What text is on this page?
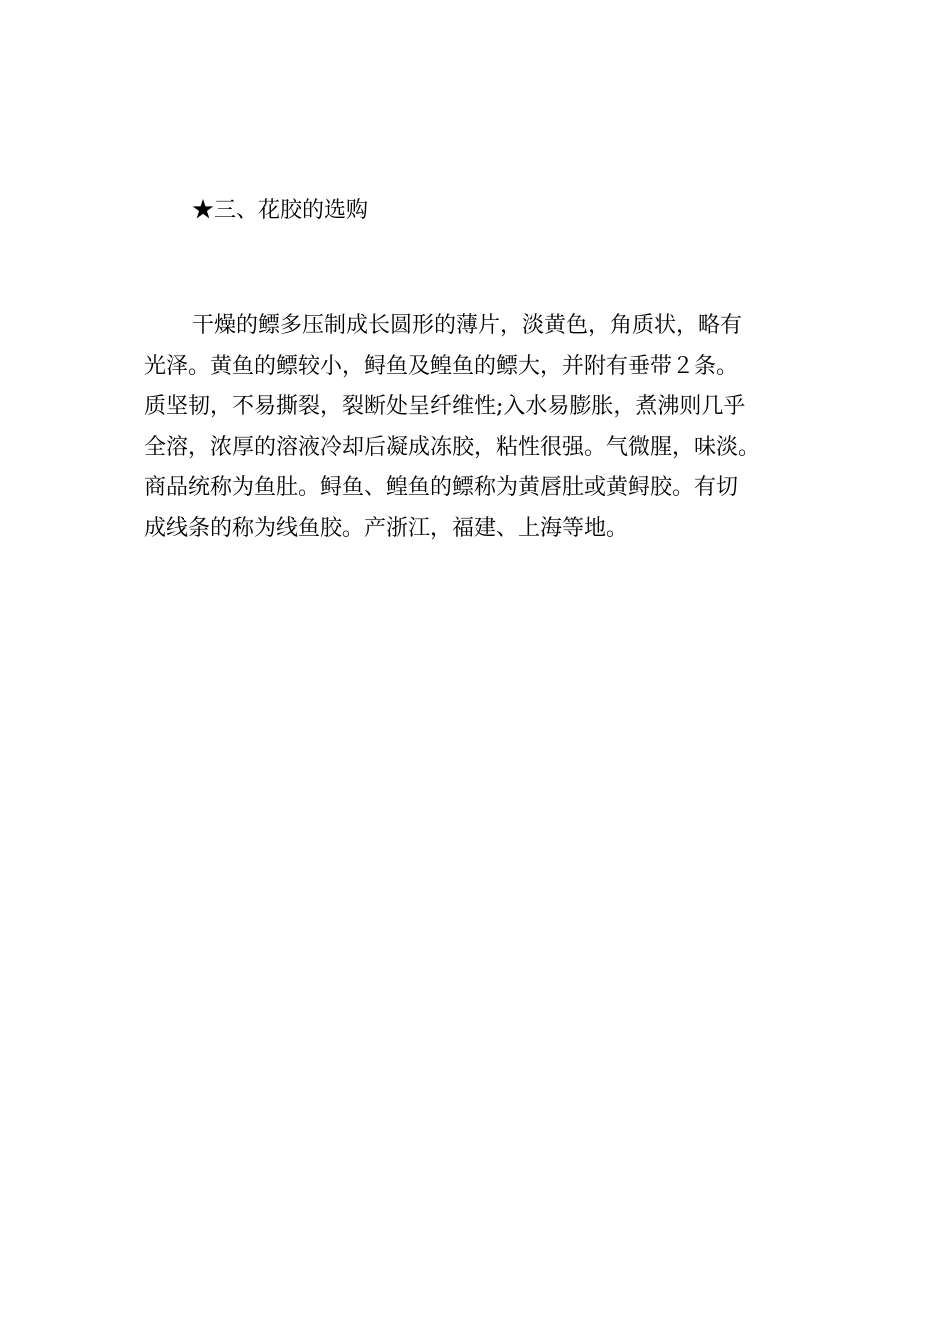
★三、花胶的选购

干燥的鳔多压制成长圆形的薄片，淡黄色，角质状，略有
光泽。黄鱼的鳔较小，鲟鱼及鳇鱼的鳔大，并附有垂带２条。
质坚韧，不易撕裂，裂断处呈纤维性;入水易膨胀，煮沸则几乎
全溶，浓厚的溶液冷却后凝成冻胶，粘性很强。气微腥，味淡。
商品统称为鱼肚。鲟鱼、鳇鱼的鳔称为黄唇肚或黄鲟胶。有切
成线条的称为线鱼胶。产浙江，福建、上海等地。
